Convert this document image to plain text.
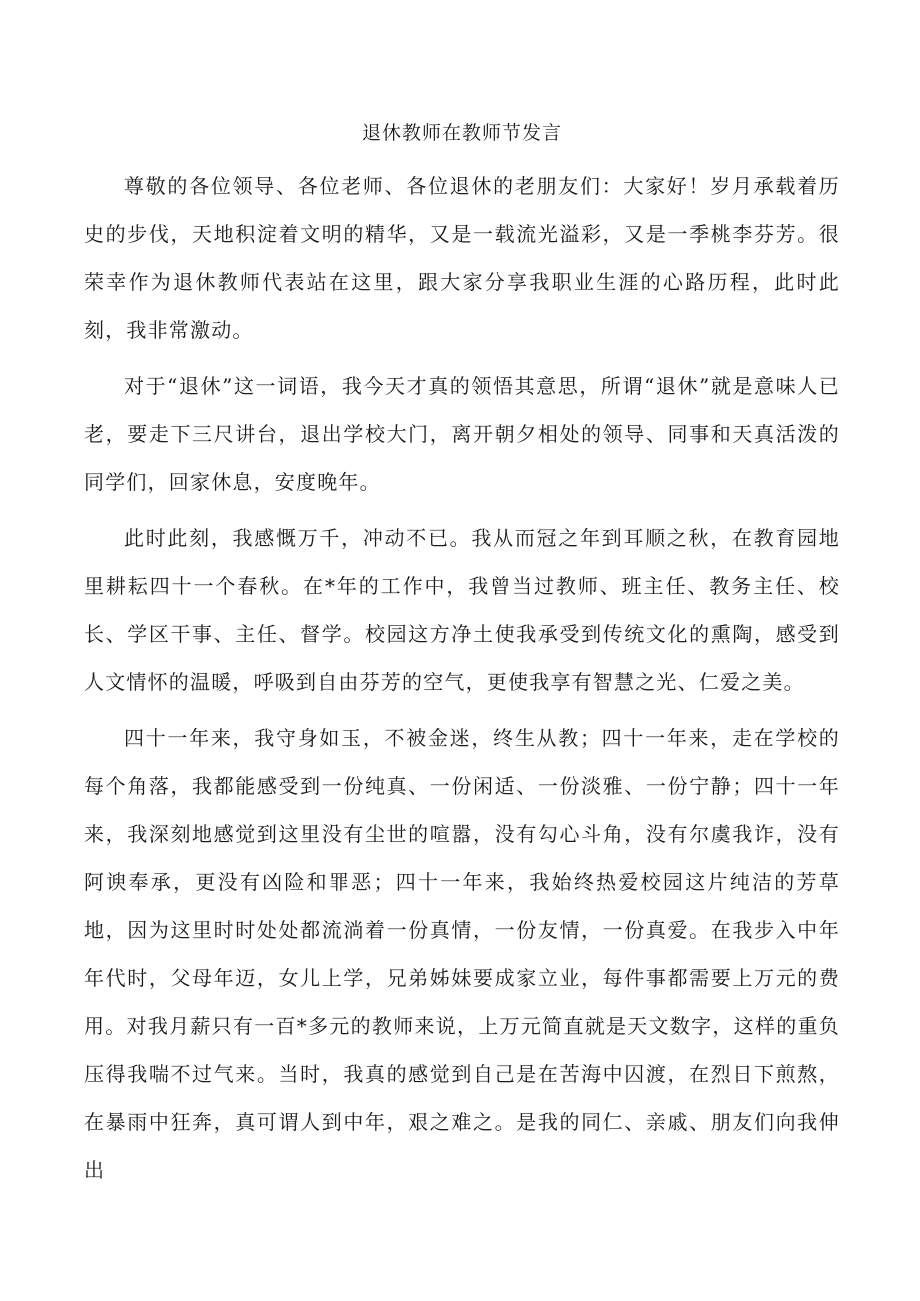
退休教师在教师节发言

尊敬的各位领导、各位老师、各位退休的老朋友们：大家好！岁月承载着历史的步伐，天地积淀着文明的精华，又是一载流光溢彩，又是一季桃李芬芳。很荣幸作为退休教师代表站在这里，跟大家分享我职业生涯的心路历程，此时此刻，我非常激动。

对于“退休”这一词语，我今天才真的领悟其意思，所谓“退休”就是意味人已老，要走下三尺讲台，退出学校大门，离开朝夕相处的领导、同事和天真活泼的同学们，回家休息，安度晚年。

此时此刻，我感慨万千，冲动不已。我从而冠之年到耳顺之秋，在教育园地里耕耘四十一个春秋。在*年的工作中，我曾当过教师、班主任、教务主任、校长、学区干事、主任、督学。校园这方净土使我承受到传统文化的熏陶，感受到人文情怀的温暖，呼吸到自由芬芳的空气，更使我享有智慧之光、仁爱之美。

四十一年来，我守身如玉，不被金迷，终生从教；四十一年来，走在学校的每个角落，我都能感受到一份纯真、一份闲适、一份淡雅、一份宁静；四十一年来，我深刻地感觉到这里没有尘世的喧嚣，没有勾心斗角，没有尔虞我诈，没有阿谀奉承，更没有凶险和罪恶；四十一年来，我始终热爱校园这片纯洁的芳草地，因为这里时时处处都流淌着一份真情，一份友情，一份真爱。在我步入中年年代时，父母年迈，女儿上学，兄弟姊妹要成家立业，每件事都需要上万元的费用。对我月薪只有一百*多元的教师来说，上万元简直就是天文数字，这样的重负压得我喘不过气来。当时，我真的感觉到自己是在苦海中囚渡，在烈日下煎熬，在暴雨中狂奔，真可谓人到中年，艰之难之。是我的同仁、亲戚、朋友们向我伸出
